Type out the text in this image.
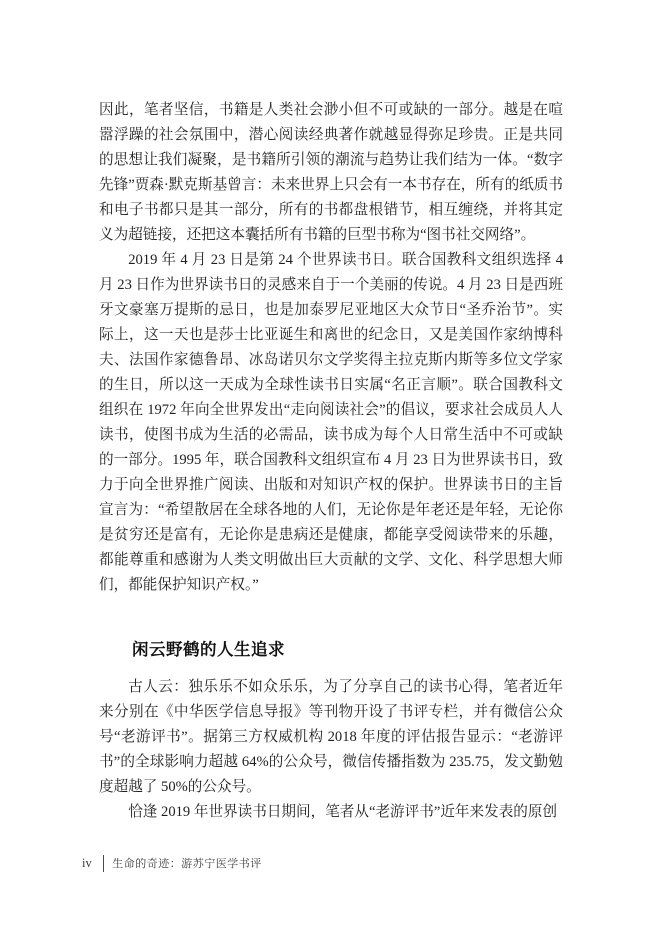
因此，笔者坚信，书籍是人类社会渺小但不可或缺的一部分。越是在喧嚣浮躁的社会氛围中，潜心阅读经典著作就越显得弥足珍贵。正是共同的思想让我们凝聚，是书籍所引领的潮流与趋势让我们结为一体。“数字先锋”贾森·默克斯基曾言：未来世界上只会有一本书存在，所有的纸质书和电子书都只是其一部分，所有的书都盘根错节，相互缠绕，并将其定义为超链接，还把这本囊括所有书籍的巨型书称为“图书社交网络”。

2019 年 4 月 23 日是第 24 个世界读书日。联合国教科文组织选择 4 月 23 日作为世界读书日的灵感来自于一个美丽的传说。4 月 23 日是西班牙文豪塞万提斯的忌日，也是加泰罗尼亚地区大众节日“圣乔治节”。实际上，这一天也是莎士比亚诞生和离世的纪念日，又是美国作家纳博科夫、法国作家德鲁昂、冰岛诺贝尔文学奖得主拉克斯内斯等多位文学家的生日，所以这一天成为全球性读书日实属“名正言顺”。联合国教科文组织在 1972 年向全世界发出“走向阅读社会”的倡议，要求社会成员人人读书，使图书成为生活的必需品，读书成为每个人日常生活中不可或缺的一部分。1995 年，联合国教科文组织宣布 4 月 23 日为世界读书日，致力于向全世界推广阅读、出版和对知识产权的保护。世界读书日的主旨宣言为：“希望散居在全球各地的人们，无论你是年老还是年轻，无论你是贫穷还是富有，无论你是患病还是健康，都能享受阅读带来的乐趣，都能尊重和感谢为人类文明做出巨大贡献的文学、文化、科学思想大师们，都能保护知识产权。”

闲云野鹤的人生追求

古人云：独乐乐不如众乐乐，为了分享自己的读书心得，笔者近年来分别在《中华医学信息导报》等刊物开设了书评专栏，并有微信公众号“老游评书”。据第三方权威机构 2018 年度的评估报告显示：“老游评书”的全球影响力超越 64%的公众号，微信传播指数为 235.75，发文勤勉度超越了 50%的公众号。

恰逢 2019 年世界读书日期间，笔者从“老游评书”近年来发表的原创

iv 生命的奇迹：游苏宁医学书评
